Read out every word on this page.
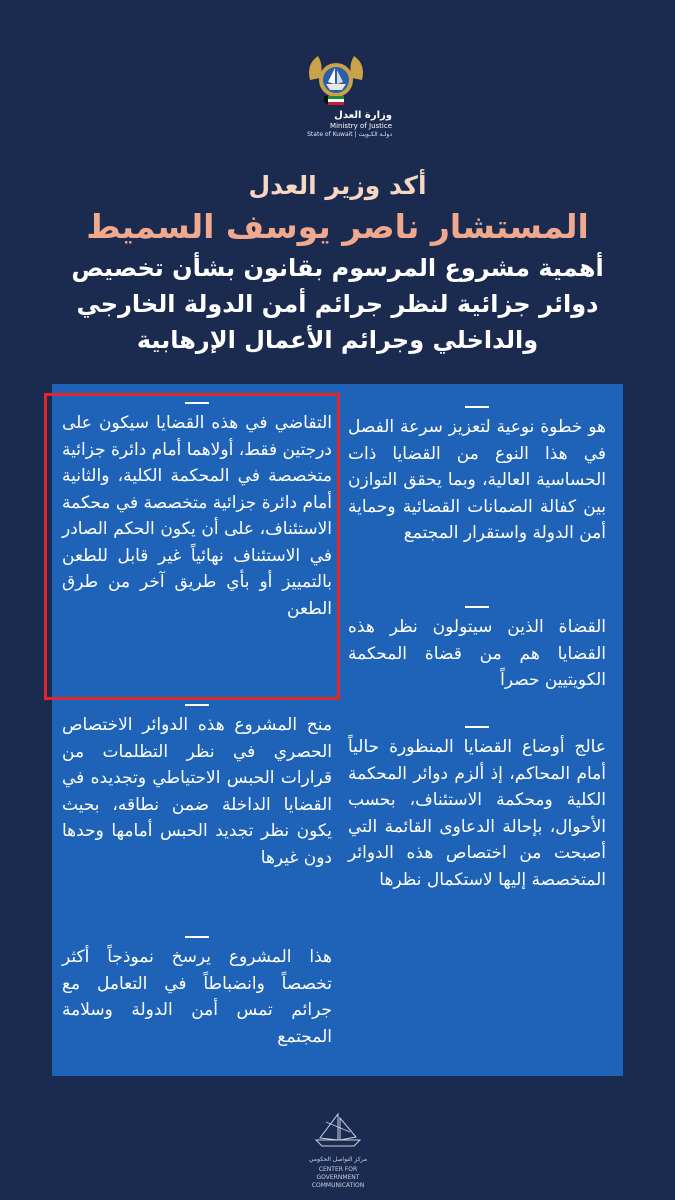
وزارة العدل
Ministry of Justice
State of Kuwait | دولـة الكـويت
أكد وزير العدل
المستشار ناصر يوسف السميط
أهمية مشروع المرسوم بقانون بشأن تخصيص
دوائر جزائية لنظر جرائم أمن الدولة الخارجي
والداخلي وجرائم الأعمال الإرهابية

هو خطوة نوعية لتعزيز سرعة الفصل في هذا النوع من القضايا ذات الحساسية العالية، وبما يحقق التوازن بين كفالة الضمانات القضائية وحماية أمن الدولة واستقرار المجتمع

القضاة الذين سيتولون نظر هذه القضايا هم من قضاة المحكمة الكويتيين حصراً

عالج أوضاع القضايا المنظورة حالياً أمام المحاكم، إذ ألزم دوائر المحكمة الكلية ومحكمة الاستئناف، بحسب الأحوال، بإحالة الدعاوى القائمة التي أصبحت من اختصاص هذه الدوائر المتخصصة إليها لاستكمال نظرها

التقاضي في هذه القضايا سيكون على درجتين فقط، أولاهما أمام دائرة جزائية متخصصة في المحكمة الكلية، والثانية أمام دائرة جزائية متخصصة في محكمة الاستئناف، على أن يكون الحكم الصادر في الاستئناف نهائياً غير قابل للطعن بالتمييز أو بأي طريق آخر من طرق الطعن

منح المشروع هذه الدوائر الاختصاص الحصري في نظر التظلمات من قرارات الحبس الاحتياطي وتجديده في القضايا الداخلة ضمن نطاقه، بحيث يكون نظر تجديد الحبس أمامها وحدها دون غيرها

هذا المشروع يرسخ نموذجاً أكثر تخصصاً وانضباطاً في التعامل مع جرائم تمس أمن الدولة وسلامة المجتمع

مركز التواصل الحكومي
CENTER FOR GOVERNMENT COMMUNICATION
